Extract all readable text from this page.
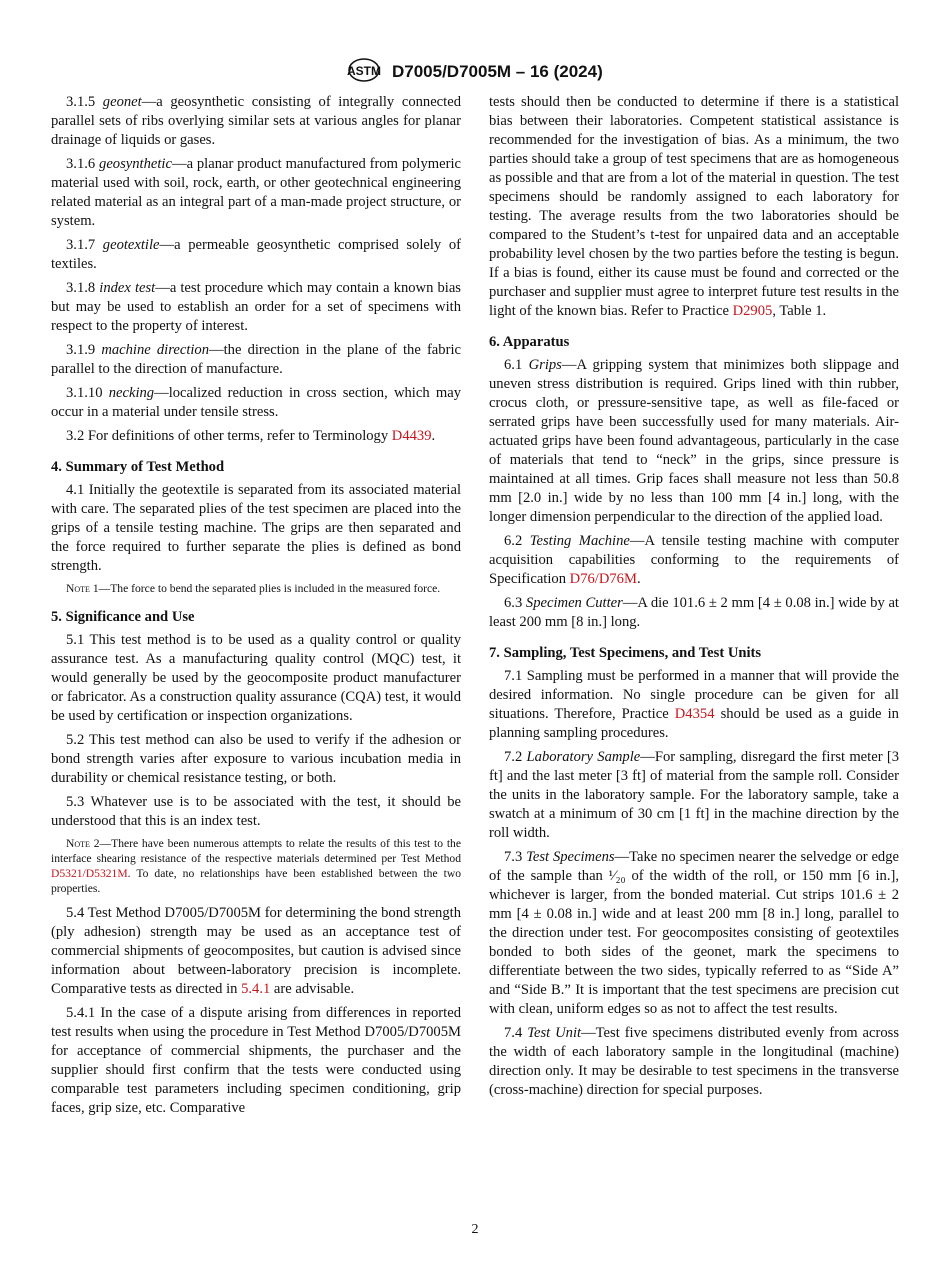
ASTM D7005/D7005M – 16 (2024)

3.1.5 geonet—a geosynthetic consisting of integrally connected parallel sets of ribs overlying similar sets at various angles for planar drainage of liquids or gases.

3.1.6 geosynthetic—a planar product manufactured from polymeric material used with soil, rock, earth, or other geotechnical engineering related material as an integral part of a man-made project structure, or system.

3.1.7 geotextile—a permeable geosynthetic comprised solely of textiles.

3.1.8 index test—a test procedure which may contain a known bias but may be used to establish an order for a set of specimens with respect to the property of interest.

3.1.9 machine direction—the direction in the plane of the fabric parallel to the direction of manufacture.

3.1.10 necking—localized reduction in cross section, which may occur in a material under tensile stress.

3.2 For definitions of other terms, refer to Terminology D4439.

4. Summary of Test Method

4.1 Initially the geotextile is separated from its associated material with care. The separated plies of the test specimen are placed into the grips of a tensile testing machine. The grips are then separated and the force required to further separate the plies is defined as bond strength.

Note 1—The force to bend the separated plies is included in the measured force.

5. Significance and Use

5.1 This test method is to be used as a quality control or quality assurance test. As a manufacturing quality control (MQC) test, it would generally be used by the geocomposite product manufacturer or fabricator. As a construction quality assurance (CQA) test, it would be used by certification or inspection organizations.

5.2 This test method can also be used to verify if the adhesion or bond strength varies after exposure to various incubation media in durability or chemical resistance testing, or both.

5.3 Whatever use is to be associated with the test, it should be understood that this is an index test.

Note 2—There have been numerous attempts to relate the results of this test to the interface shearing resistance of the respective materials determined per Test Method D5321/D5321M. To date, no relationships have been established between the two properties.

5.4 Test Method D7005/D7005M for determining the bond strength (ply adhesion) strength may be used as an acceptance test of commercial shipments of geocomposites, but caution is advised since information about between-laboratory precision is incomplete. Comparative tests as directed in 5.4.1 are advisable.

5.4.1 In the case of a dispute arising from differences in reported test results when using the procedure in Test Method D7005/D7005M for acceptance of commercial shipments, the purchaser and the supplier should first confirm that the tests were conducted using comparable test parameters including specimen conditioning, grip faces, grip size, etc. Comparative

tests should then be conducted to determine if there is a statistical bias between their laboratories. Competent statistical assistance is recommended for the investigation of bias. As a minimum, the two parties should take a group of test specimens that are as homogeneous as possible and that are from a lot of the material in question. The test specimens should be randomly assigned to each laboratory for testing. The average results from the two laboratories should be compared to the Student’s t-test for unpaired data and an acceptable probability level chosen by the two parties before the testing is begun. If a bias is found, either its cause must be found and corrected or the purchaser and supplier must agree to interpret future test results in the light of the known bias. Refer to Practice D2905, Table 1.

6. Apparatus

6.1 Grips—A gripping system that minimizes both slippage and uneven stress distribution is required. Grips lined with thin rubber, crocus cloth, or pressure-sensitive tape, as well as file-faced or serrated grips have been successfully used for many materials. Air-actuated grips have been found advantageous, particularly in the case of materials that tend to “neck” in the grips, since pressure is maintained at all times. Grip faces shall measure not less than 50.8 mm [2.0 in.] wide by no less than 100 mm [4 in.] long, with the longer dimension perpendicular to the direction of the applied load.

6.2 Testing Machine—A tensile testing machine with computer acquisition capabilities conforming to the requirements of Specification D76/D76M.

6.3 Specimen Cutter—A die 101.6 ± 2 mm [4 ± 0.08 in.] wide by at least 200 mm [8 in.] long.

7. Sampling, Test Specimens, and Test Units

7.1 Sampling must be performed in a manner that will provide the desired information. No single procedure can be given for all situations. Therefore, Practice D4354 should be used as a guide in planning sampling procedures.

7.2 Laboratory Sample—For sampling, disregard the first meter [3 ft] and the last meter [3 ft] of material from the sample roll. Consider the units in the laboratory sample. For the laboratory sample, take a swatch at a minimum of 30 cm [1 ft] in the machine direction by the roll width.

7.3 Test Specimens—Take no specimen nearer the selvedge or edge of the sample than ¹⁄₂₀ of the width of the roll, or 150 mm [6 in.], whichever is larger, from the bonded material. Cut strips 101.6 ± 2 mm [4 ± 0.08 in.] wide and at least 200 mm [8 in.] long, parallel to the direction under test. For geocomposites consisting of geotextiles bonded to both sides of the geonet, mark the specimens to differentiate between the two sides, typically referred to as “Side A” and “Side B.” It is important that the test specimens are precision cut with clean, uniform edges so as not to affect the test results.

7.4 Test Unit—Test five specimens distributed evenly from across the width of each laboratory sample in the longitudinal (machine) direction only. It may be desirable to test specimens in the transverse (cross-machine) direction for special purposes.

2
